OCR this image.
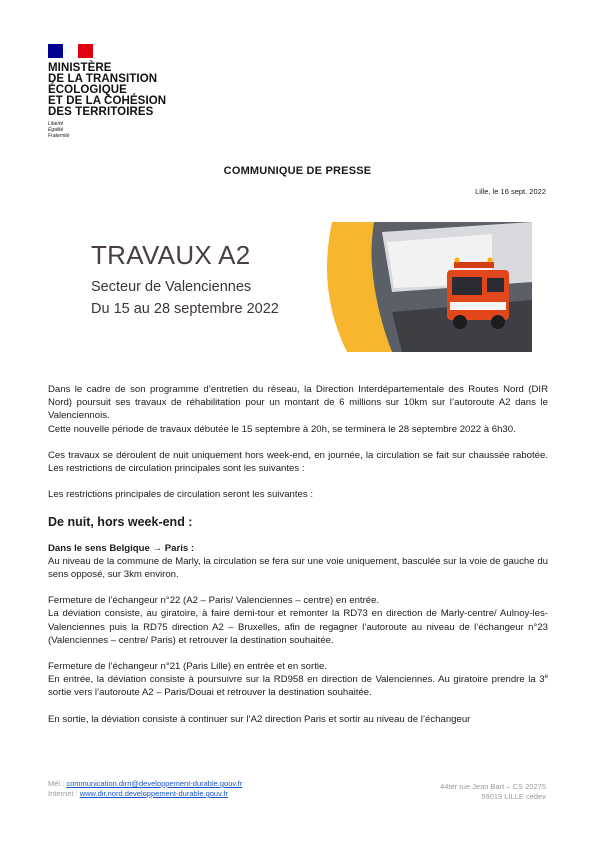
MINISTÈRE
DE LA TRANSITION
ÉCOLOGIQUE
ET DE LA COHÉSION
DES TERRITOIRES
Liberté
Égalité
Fraternité
COMMUNIQUE DE PRESSE
Lille, le 16 sept. 2022
TRAVAUX A2
Secteur de Valenciennes
Du 15 au 28 septembre 2022

Dans le cadre de son programme d’entretien du réseau, la Direction Interdépartementale des Routes Nord (DIR Nord) poursuit ses travaux de réhabilitation pour un montant de 6 millions sur 10km sur l’autoroute A2 dans le Valenciennois.

Cette nouvelle période de travaux débutée le 15 septembre à 20h, se terminera le 28 septembre 2022 à 6h30.

Ces travaux se déroulent de nuit uniquement hors week-end, en journée, la circulation se fait sur chaussée rabotée. Les restrictions de circulation principales sont les suivantes :

Les restrictions principales de circulation seront les suivantes :

De nuit, hors week-end :

Dans le sens Belgique → Paris :

Au niveau de la commune de Marly, la circulation se fera sur une voie uniquement, basculée sur la voie de gauche du sens opposé, sur 3km environ.

Fermeture de l’échangeur n°22 (A2 – Paris/ Valenciennes – centre) en entrée.

La déviation consiste, au giratoire, à faire demi-tour et remonter la RD73 en direction de Marly-centre/ Aulnoy-les-Valenciennes puis la RD75 direction A2 – Bruxelles, afin de regagner l’autoroute au niveau de l’échangeur n°23 (Valenciennes – centre/ Paris) et retrouver la destination souhaitée.

Fermeture de l’échangeur n°21 (Paris Lille) en entrée et en sortie.

En entrée, la déviation consiste à poursuivre sur la RD958 en direction de Valenciennes. Au giratoire prendre la 3e sortie vers l’autoroute A2 – Paris/Douai et retrouver la destination souhaitée.

En sortie, la déviation consiste à continuer sur l’A2 direction Paris et sortir au niveau de l’échangeur

Mél : communication.dirn@developpement-durable.gouv.fr
Internet : www.dir.nord.developpement-durable.gouv.fr
44ter rue Jean Bart – CS 20275
59019 LILLE cedex
